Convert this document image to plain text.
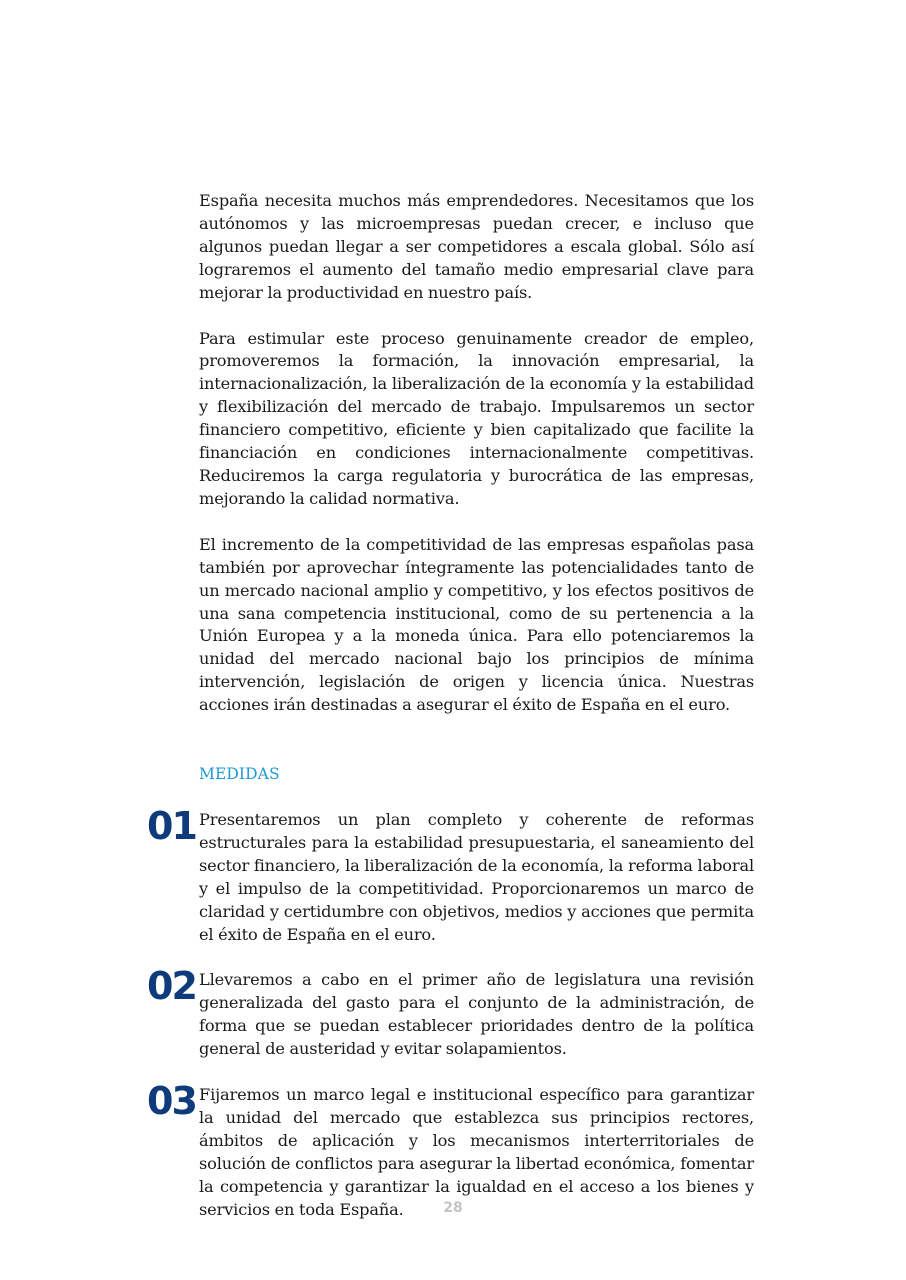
España necesita muchos más emprendedores. Necesitamos que los autónomos y las microempresas puedan crecer, e incluso que algunos puedan llegar a ser competidores a escala global. Sólo así lograremos el aumento del tamaño medio empresarial clave para mejorar la productividad en nuestro país.

Para estimular este proceso genuinamente creador de empleo, promoveremos la formación, la innovación empresarial, la internacionalización, la liberalización de la economía y la estabilidad y flexibilización del mercado de trabajo. Impulsaremos un sector financiero competitivo, eficiente y bien capitalizado que facilite la financiación en condiciones internacionalmente competitivas. Reduciremos la carga regulatoria y burocrática de las empresas, mejorando la calidad normativa.

El incremento de la competitividad de las empresas españolas pasa también por aprovechar íntegramente las potencialidades tanto de un mercado nacional amplio y competitivo, y los efectos positivos de una sana competencia institucional, como de su pertenencia a la Unión Europea y a la moneda única. Para ello potenciaremos la unidad del mercado nacional bajo los principios de mínima intervención, legislación de origen y licencia única. Nuestras acciones irán destinadas a asegurar el éxito de España en el euro.

MEDIDAS
01 Presentaremos un plan completo y coherente de reformas estructurales para la estabilidad presupuestaria, el saneamiento del sector financiero, la liberalización de la economía, la reforma laboral y el impulso de la competitividad. Proporcionaremos un marco de claridad y certidumbre con objetivos, medios y acciones que permita el éxito de España en el euro.

02 Llevaremos a cabo en el primer año de legislatura una revisión generalizada del gasto para el conjunto de la administración, de forma que se puedan establecer prioridades dentro de la política general de austeridad y evitar solapamientos.

03 Fijaremos un marco legal e institucional específico para garantizar la unidad del mercado que establezca sus principios rectores, ámbitos de aplicación y los mecanismos interterritoriales de solución de conflictos para asegurar la libertad económica, fomentar la competencia y garantizar la igualdad en el acceso a los bienes y servicios en toda España.	28
